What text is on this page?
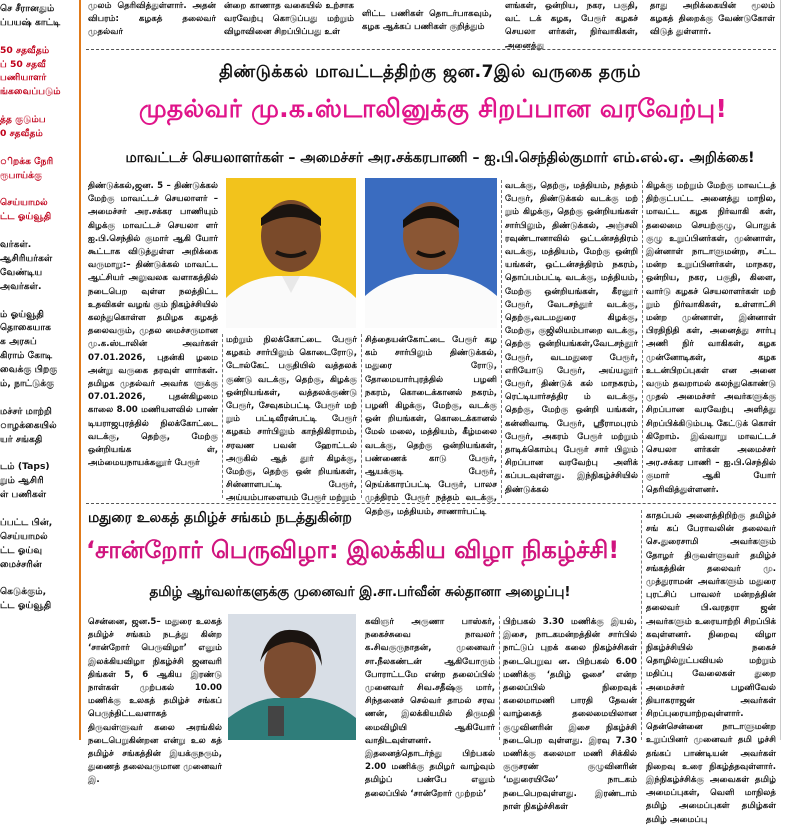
செ சீரானதும்
ப்பயஷ் காட்டி
50 சதவீதம்
ப் 50 சதவீ
பணியாளர்
ங்கவைப்படும்
த்த குடும்ப
0 சதவீதம்
ிறக்க நேரி
ரூபாய்க்கு
செய்யாமல்
ட்ட ஓய்வூதி
வர்கள்.
ஆசிரியர்கள்
வேண்டிய
அவர்கள்.
ம் ஓய்வூதி
தொகையாக
க அரசுப்
கிராம் கோடி
வைக்கு பிறகு
ம், நாட்டுக்கு
மச்சர் மாற்றி
ாழக்கையில்
யர் சங்கதி
டம் (Taps)
றும் ஆசிரி
ள் பணிகள்
ப்பட்ட பின்,
செய்யாமல்
ட்ட ஓய்வு
மைச்சரின்
கெடுக்கும்,
ட்ட ஓய்வூதி
முலம் தெரிவித்துள்ளார். அதன் விபரம்: கழகத் தலைவர் முதல்வர்
ன்றை காணாத வகையில் உற்சாக வரவேற்பு கொடுப்பது மற்றும் விழாவினை சிறப்பிப்பது உள்
ளிட்ட பணிகள் தொடர்பாகவும், கழக ஆக்கப் பணிகள் குறித்தும்
ளங்கள், ஒன்றிய, நகர, பகுதி, வட் டக் கழக, பேரூர் கழகச் செயலா ளர்கள், நிர்வாகிகள், அனைத்து
தாது அறிக்கையின் மூலம் கழகத் திறைக்கு வேண்டுகோள் விடுத் துள்ளார்.
திண்டுக்கல் மாவட்டத்திற்கு ஜன.7இல் வருகை தரும்
முதல்வர் மு.க.ஸ்டாலினுக்கு சிறப்பான வரவேற்பு!
மாவட்டச் செயலாளர்கள் – அமைச்சர் அர.சக்கரபாணி – ஐ.பி.செந்தில்குமார் எம்.எல்.ஏ. அறிக்கை!
திண்டுக்கல்,ஜன. 5 – திண்டுக்கல் மேற்கு மாவட்டச் செயலாளர் – அமைச்சர் அர.சக்கர பாணியும் கிழக்கு மாவட்டச் செயலா ளர் ஐ.பி.செந்தில் குமார் ஆகி யோர் கூட்டாக விடுத்துள்ள அறிக்கை வருமாறு:– திண்டுக்கல் மாவட்ட ஆட்சியர் அலுவலக வளாகத்தில் நடைபெற வுள்ள நலத்திட்ட உதவிகள் வழங் கும் நிகழ்ச்சியில் கலந்துகொள்ள தமிழக கழகத் தலைவரும், முதல மைச்சருமான மு.க.ஸ்டாலின் அவர்கள் 07.01.2026, புதன்கி ழமை அன்று வருகை தரவுள் ளார்கள். தமிழக முதல்வர் அவர்க ளுக்கு 07.01.2026, புதன்கிழமை காலை 8.00 மணியளவில் பாண் டியராஜபுரத்தில் நிலக்கோட்டை வடக்கு, தெற்கு, மேற்கு ஒன்றியங்க ள், அம்மையநாயக்கனூர் பேரூர்
மற்றும் நிலக்கோட்டை பேரூர் கழகம் சார்பிலும் கொடைரோடு, டோல்கேட் பகுதியில் வத்தலக் குண்டு வடக்கு, தெற்கு, கிழக்கு ஒன்றியங்கள், வத்தலக்குண்டு பேரூர், சேவுகம்பட்டி பேரூர் மற் றும் பட்டிவீரன்பட்டி பேரூர் கழகம் சார்பிலும் காந்திகிராமம், சரவண பவன் ஹோட்டல் அருகில் ஆத் தூர் கிழக்கு, மேற்கு, தெற்கு ஒன் றியங்கள், சின்னாளபட்டி பேரூர், அய்யம்பாளையம் பேரூர் மற்றும்
சித்தையன்கோட்டை பேரூர் கழ கம் சார்பிலும் திண்டுக்கல், மதுரை ரோடு, தோமையார்புரத்தில் பழனி நகரம், கொடைக்கானல் நகரம், பழனி கிழக்கு, மேற்கு, வடக்கு ஒன் றியங்கள், கொடைக்கானல் மேல் மலை, மத்தியம், கீழ்மலை வடக்கு, தெற்கு ஒன்றியங்கள், பண்ணைக் காடு பேரூர், ஆயக்குடி பேரூர், நெய்க்காரப்பட்டி பேரூர், பாலச முத்திரம் பேரூர் நத்தம் வடக்கு, தெற்கு, மத்தியம், சாணார்பட்டி
வடக்கு, தெற்கு, மத்தியம், நத்தம் பேரூர், திண்டுக்கல் வடக்கு மற் றும் கிழக்கு, தெற்கு ஒன்றியங்கள் சார்பிலும், திண்டுக்கல், அஞ்சலி ரவுண்டானாவில் ஒட்டன்சத்திரம் வடக்கு, மத்தியம், மேற்கு ஒன்றி யங்கள், ஒட்டன்சத்திரம் நகரம், தொப்பம்பட்டி வடக்கு, மத்தியம், மேற்கு ஒன்றியங்கள், கீரனூர் பேரூர், வேடசந்தூர் வடக்கு, தெற்கு,வடமதுரை கிழக்கு, மேற்கு, குஜிலியம்பாறை வடக்கு, தெற்கு ஒன்றியங்கள்,வேடசந்தூர் பேரூர், வடமதுரை பேரூர், எரியோடு பேரூர், அய்யலூர் பேரூர், திண்டுக் கல் மாநகரம், ரெட்டியார்சத்திர ம் வடக்கு, தெற்கு, மேற்கு ஒன்றி யங்கள், கன்னிவாடி பேரூர், ஸ்ரீராமபுரம் பேரூர், அகரம் பேரூர் மற்றும் தாடிக்கொம்பு பேரூர் சார் பிலும் சிறப்பான வரவேற்பு அளிக் கப்படவுள்ளது. இந்நிகழ்ச்சியில் திண்டுக்கல்
கிழக்கு மற்றும் மேற்கு மாவட்டத் திற்குட்பட்ட அனைத்து மாநில, மாவட்ட கழக நிர்வாகி கள், தலைமை செயற்குழு, பொதுக் குழு உறுப்பினர்கள், முன்னாள், இன்னாள் நாடாளுமன்ற, சட்ட மன்ற உறுப்பினர்கள், மாநகர, ஒன்றிய, நகர, பகுதி, கிளை, வார்டு கழகச் செயலாளர்கள் மற் றும் நிர்வாகிகள், உள்ளாட்சி மன்ற முன்னாள், இன்னாள் பிரதிநிதி கள், அனைத்து சார்பு அணி நிர் வாகிகள், கழக முன்னோடிகள், கழக உடன்பிறப்புகள் என அனை வரும் தவறாமல் கலந்துகொண்டு முதல் அமைச்சர் அவர்களுக்கு சிறப்பான வரவேற்பு அளித்து சிறப்பிக்கிடும்படி கேட்டுக் கொள் கிறோம். இவ்வாறு மாவட்டச் செயலா ளர்கள் அமைச்சர் அர.சக்கர பாணி – ஐ.பி.செந்தில் குமார் ஆகி யோர் தெரிவித்துள்ளனர்.
மதுரை உலகத் தமிழ்ச் சங்கம் நடத்துகின்ற
‘சான்றோர் பெருவிழா: இலக்கிய விழா நிகழ்ச்சி!
தமிழ் ஆர்வலர்களுக்கு முனைவர் இ.சா.பர்வீன் சுல்தானா அழைப்பு!
சென்னை, ஜன.5– மதுரை உலகத் தமிழ்ச் சங்கம் நடத்து கின்ற ‘சான்றோர் பெருவிழா’ எனும் இலக்கியவிழா நிகழ்ச்சி ஜனவரி திங்கள் 5, 6 ஆகிய இரண்டு நாள்கள் முற்பகல் 10.00 மணிக்கு உலகத் தமிழ்ச் சங்கப் பெருந்திட்டவளாகத் திருவள்ளுவர் கலை அரங்கில் நடைபெறுகின்றன என்று உல கத் தமிழ்ச் சங்கத்தின் இயக்குநரும், துணைத் தலைவருமான முனைவர் இ.
கவிஞர் அருணா பாஸ்கர், நகைச்சுவை நாவலர் க.சிவகுருநாதன், முனைவர் சா.நீலகண்டன் ஆகியோரும் போராட்டமே என்ற தலைப்பில் முனைவர் சிவ.சதீஷ்கு மார், சிந்தனைச் செல்வர் தாமல் சரவ ணன், இலக்கியமில் திருமதி மைவிழியி ஆகியோர் வாதிடவுள்ளனர். இதனைத்தொடர்ந்து பிற்பகல் 2.00 மணிக்கு தமிழர் வாழ்வும் தமிழ்ப் பண்பே எனும் தலைப்பில் ‘சான்றோர் முற்றம்’
பிற்பகல் 3.30 மணிக்கு இயல், இசை, நாடகமன்றத்தின் சார்பில் நாட்டுப் புறக் கலை நிகழ்ச்சிகள் நடைபெறுவ ன. பிற்பகல் 6.00 மணிக்கு ‘தமிழ் ஓசை’ என்ற தலைப்பில் நிறைவுக் கலைமாமணி பாரதி தேவன் வாழ்கைத் தலைமையிலான குழுவினரின் இசை நிகழ்ச்சி நடைபெற வுள்ளது. இரவு 7.30 மணிக்கு கலைமா மணி சிக்கில் குருசரண் குழுவினரின் ‘மதுரையிலே’ நாடகம் நடைபெறவுள்ளது. இரண்டாம் நாள் நிகழ்ச்சிகள்
காதப்பல் அளைத்திறிற்கு தமிழ்ச் சங் கப் பேராவலின் தலைவர் செ.துரைசாமி அவர்களும் தோழர் திருவள்ளுவர் தமிழ்ச் சங்கத்தின் தலைவர் மு. முத்துராமன் அவர்களும் மதுரை புரட்சிப் பாவலர் மன்றத்தின் தலைவர் பி.வரதரா ஜன் அவர்களும் உரையாற்றி சிறப்பிக் கவுள்ளனர். நிறைவு விழா நிகழ்ச்சியில் நகைச் தொழில்நுட்பவியல் மற்றும் மதிப்பு வேலைகள் துறை அமைச்சர் பழனிவேல் தியாகராஜன் அவர்கள் சிறப்புரையாற்றவுள்ளார். தென்சென்னை நாடாளுமன்ற உறுப்பினர் முனைவர் தமி ழச்சி தங்கப் பாண்டியன் அவர்கள் நிறைவு உரை நிகழ்த்தவுள்ளார். இந்நிகழ்ச்சிக்கு அவைகள் தமிழ் அமைப்புகள், வெளி மாநிலத் தமிழ் அமைப்புகள் தமிழ்கள் தமிழ் அமைப்பு
